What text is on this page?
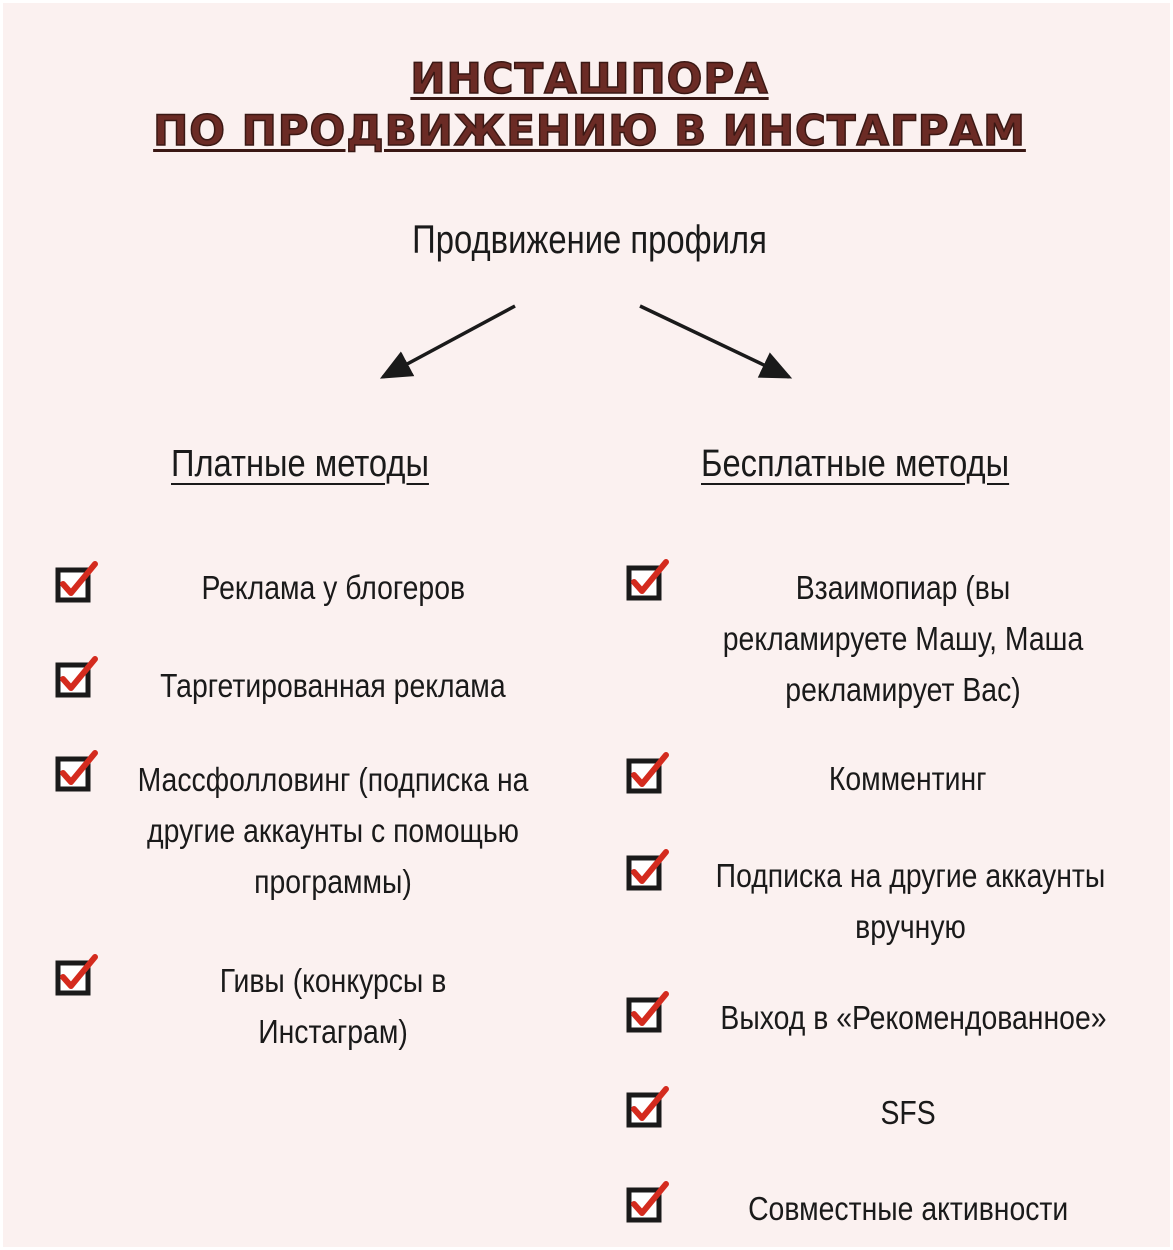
ИНСТАШПОРА
ПО ПРОДВИЖЕНИЮ В ИНСТАГРАМ
Продвижение профиля
Платные методы	Бесплатные методы
Реклама у блогеров
Таргетированная реклама
Массфолловинг (подписка на другие аккаунты с помощью программы)
Гивы (конкурсы в Инстаграм)
Взаимопиар (вы рекламируете Машу, Маша рекламирует Вас)
Комментинг
Подписка на другие аккаунты вручную
Выход в «Рекомендованное»
SFS
Совместные активности
